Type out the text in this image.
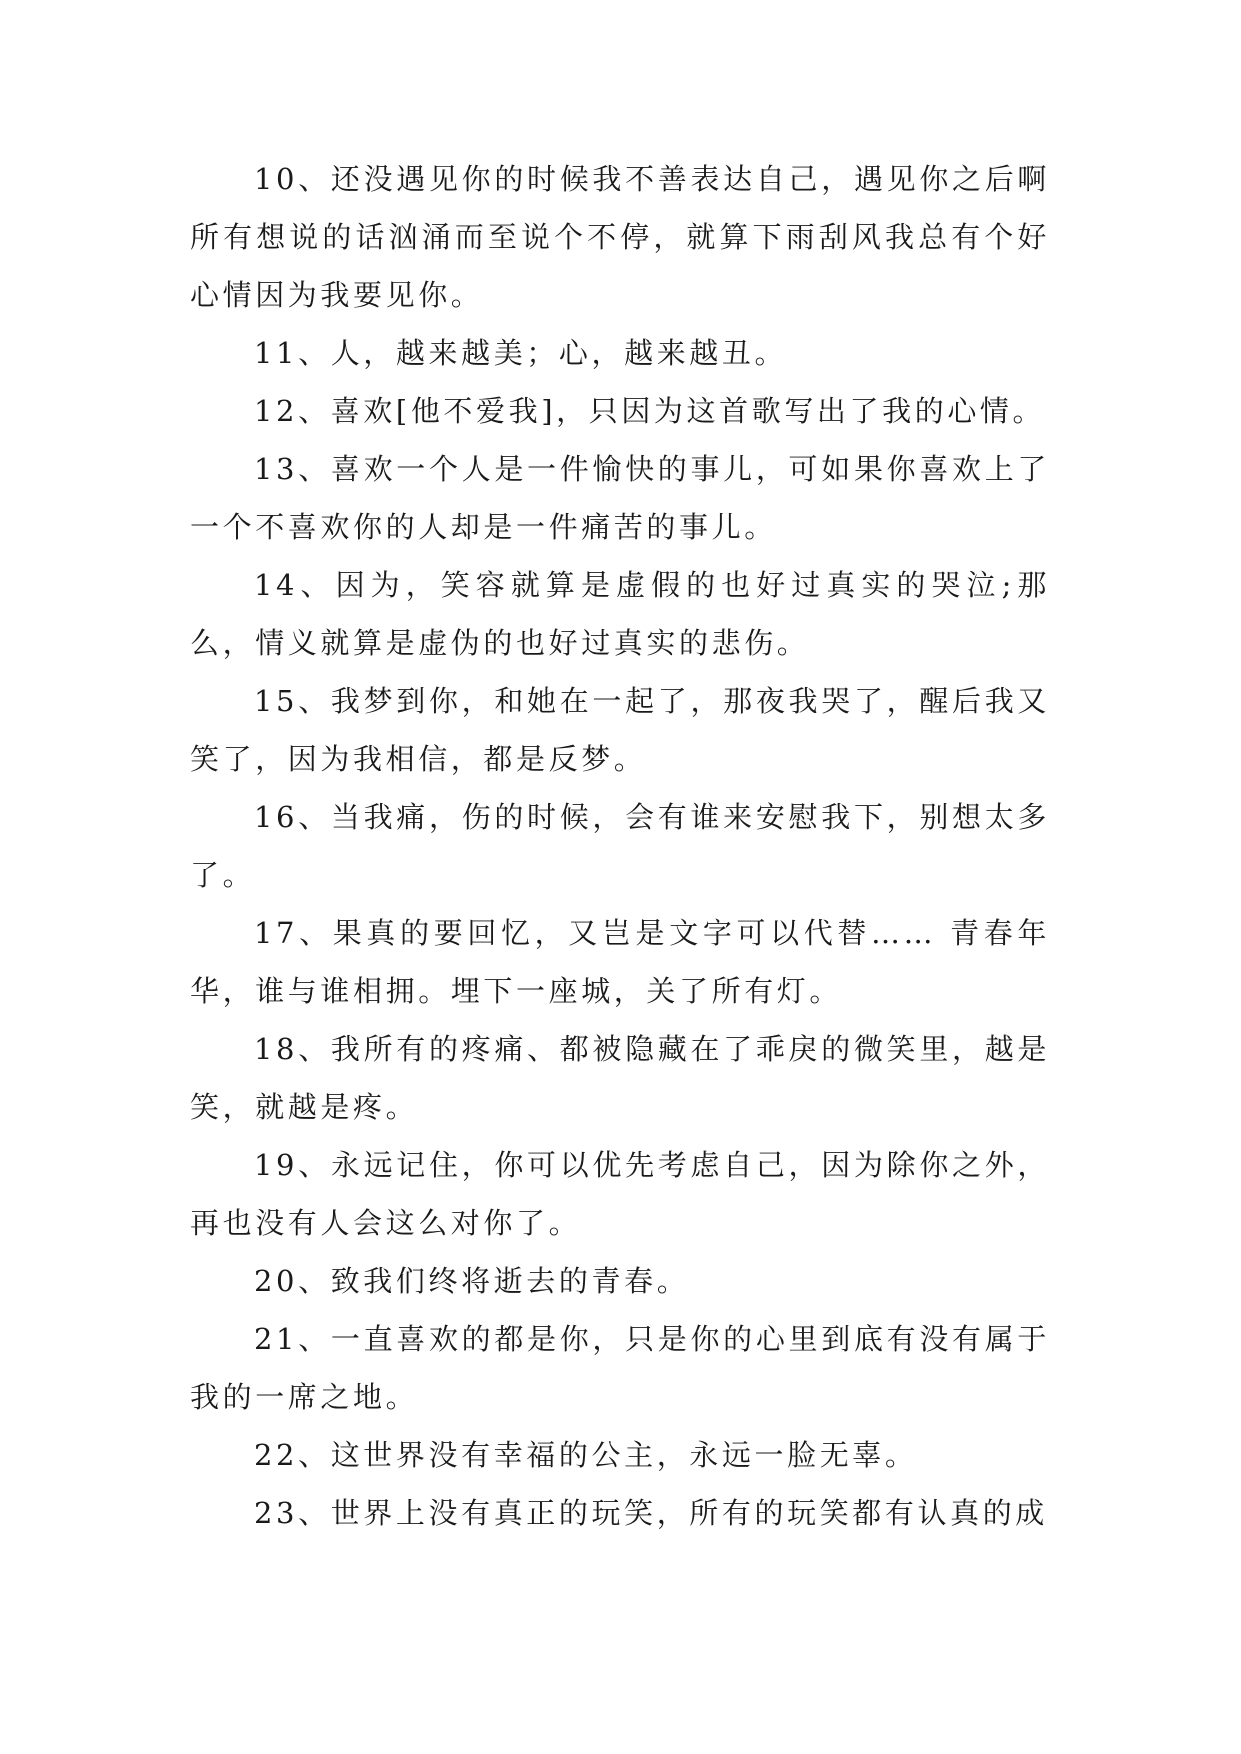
10、还没遇见你的时候我不善表达自己，遇见你之后啊所有想说的话汹涌而至说个不停，就算下雨刮风我总有个好心情因为我要见你。

11、人，越来越美；心，越来越丑。

12、喜欢[他不爱我]，只因为这首歌写出了我的心情。

13、喜欢一个人是一件愉快的事儿，可如果你喜欢上了一个不喜欢你的人却是一件痛苦的事儿。

14、因为，笑容就算是虚假的也好过真实的哭泣;那么，情义就算是虚伪的也好过真实的悲伤。

15、我梦到你，和她在一起了，那夜我哭了，醒后我又笑了，因为我相信，都是反梦。

16、当我痛，伤的时候，会有谁来安慰我下，别想太多了。

17、果真的要回忆，又岂是文字可以代替…… 青春年华，谁与谁相拥。埋下一座城，关了所有灯。

18、我所有的疼痛、都被隐藏在了乖戾的微笑里，越是笑，就越是疼。

19、永远记住，你可以优先考虑自己，因为除你之外，再也没有人会这么对你了。

20、致我们终将逝去的青春。

21、一直喜欢的都是你，只是你的心里到底有没有属于我的一席之地。

22、这世界没有幸福的公主，永远一脸无辜。

23、世界上没有真正的玩笑，所有的玩笑都有认真的成
